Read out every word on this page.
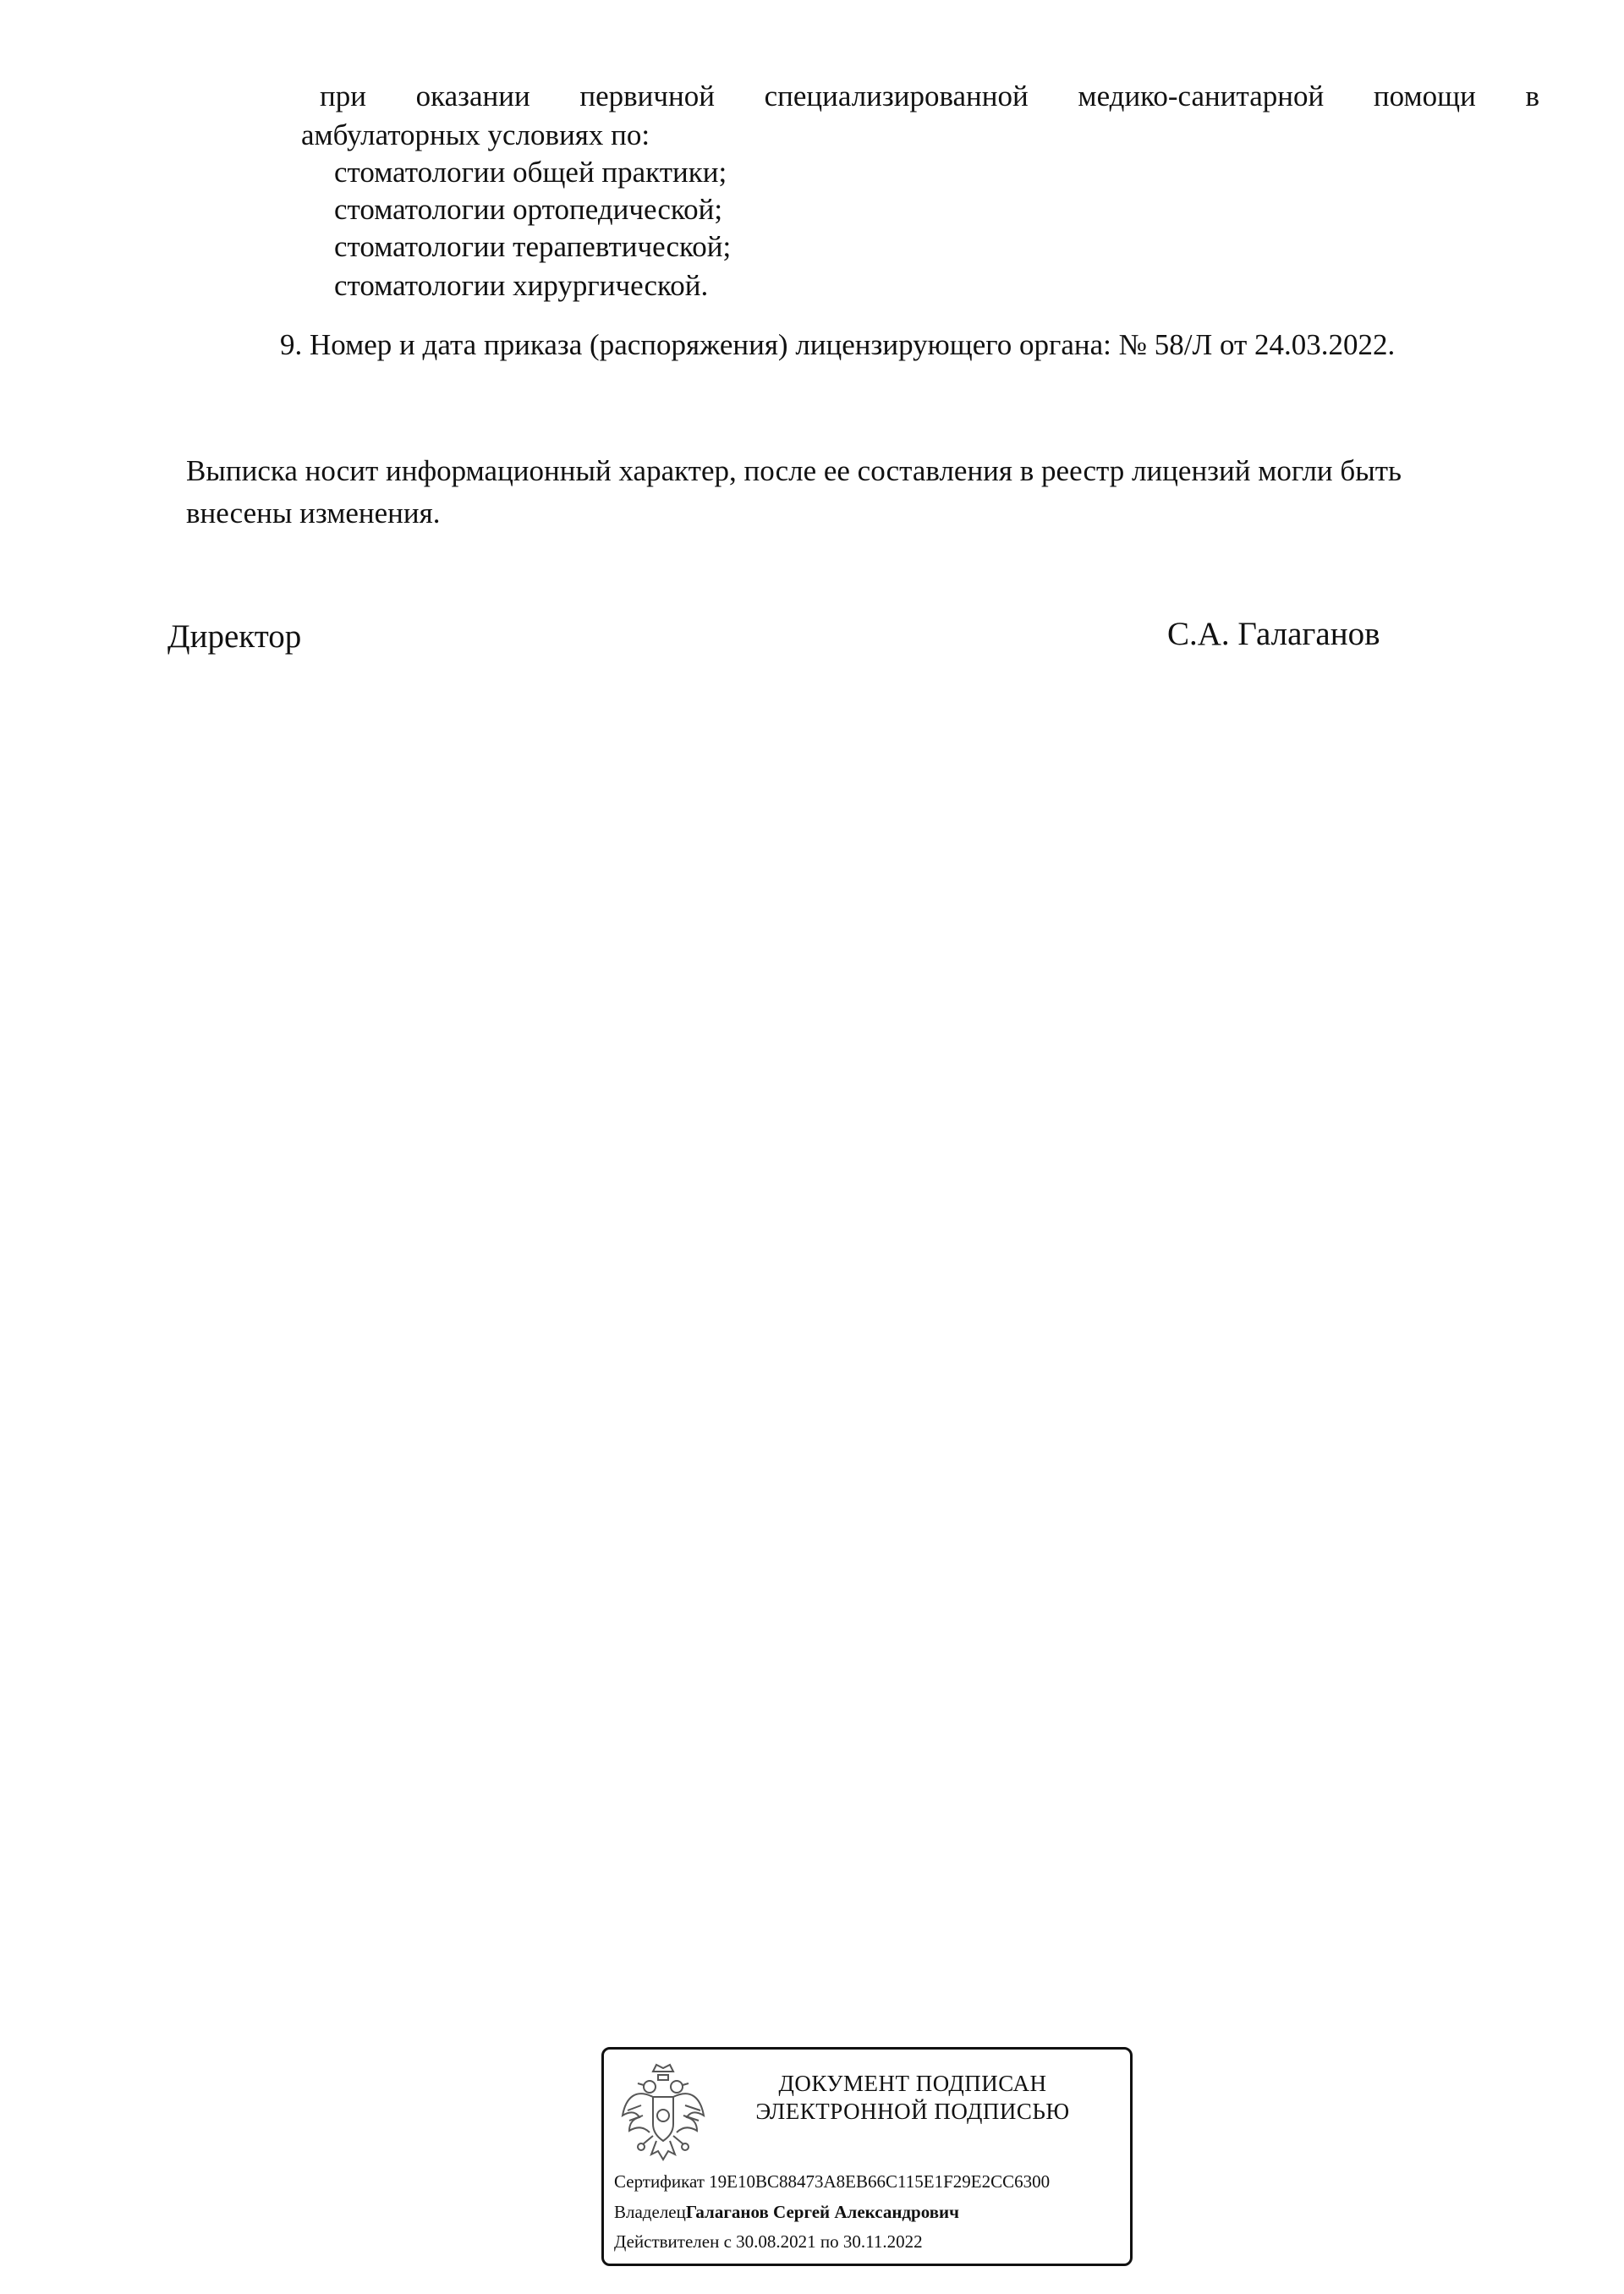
при оказании первичной специализированной медико-санитарной помощи в
амбулаторных условиях по:
стоматологии общей практики;
стоматологии ортопедической;
стоматологии терапевтической;
стоматологии хирургической.
9. Номер и дата приказа (распоряжения) лицензирующего органа: № 58/Л от 24.03.2022.
Выписка носит информационный характер, после ее составления в реестр лицензий могли быть
внесены изменения.
Директор	С.А. Галаганов
ДОКУМЕНТ ПОДПИСАН
ЭЛЕКТРОННОЙ ПОДПИСЬЮ
Сертификат 19E10BC88473A8EB66C115E1F29E2CC6300
ВладелецГалаганов Сергей Александрович
Действителен с 30.08.2021 по 30.11.2022
